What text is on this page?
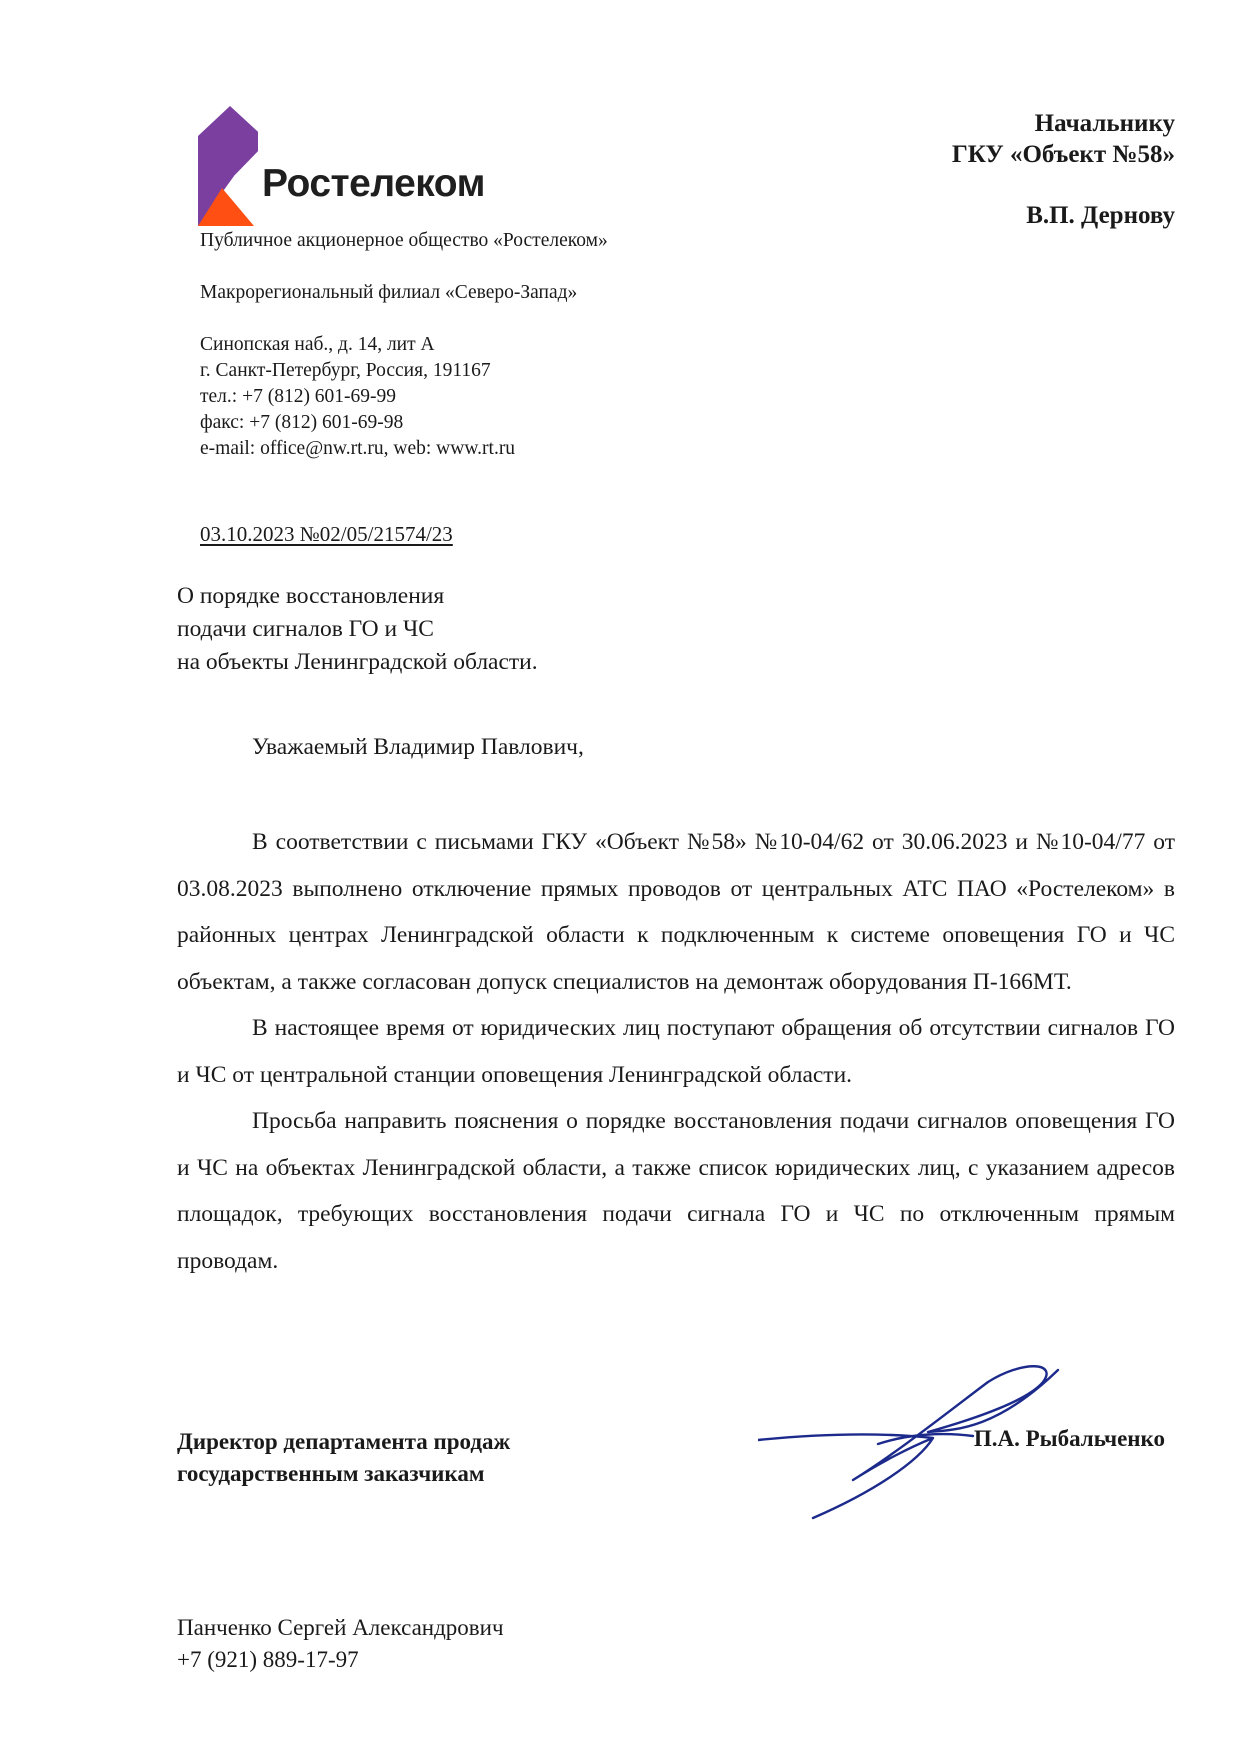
Ростелеком
Начальнику
ГКУ «Объект №58»
В.П. Дернову
Публичное акционерное общество «Ростелеком»
Макрорегиональный филиал «Северо-Запад»
Синопская наб., д. 14, лит А
г. Санкт-Петербург, Россия, 191167
тел.: +7 (812) 601-69-99
факс: +7 (812) 601-69-98
e-mail: office@nw.rt.ru, web: www.rt.ru
03.10.2023 №02/05/21574/23
О порядке восстановления
подачи сигналов ГО и ЧС
на объекты Ленинградской области.
Уважаемый Владимир Павлович,

В соответствии с письмами ГКУ «Объект №58» №10-04/62 от 30.06.2023 и №10-04/77 от 03.08.2023 выполнено отключение прямых проводов от центральных АТС ПАО «Ростелеком» в районных центрах Ленинградской области к подключенным к системе оповещения ГО и ЧС объектам, а также согласован допуск специалистов на демонтаж оборудования П-166МТ.

В настоящее время от юридических лиц поступают обращения об отсутствии сигналов ГО и ЧС от центральной станции оповещения Ленинградской области.

Просьба направить пояснения о порядке восстановления подачи сигналов оповещения ГО и ЧС на объектах Ленинградской области, а также список юридических лиц, с указанием адресов площадок, требующих восстановления подачи сигнала ГО и ЧС по отключенным прямым проводам.

Директор департамента продаж
государственным заказчикам
П.А. Рыбальченко
Панченко Сергей Александрович
+7 (921) 889-17-97
